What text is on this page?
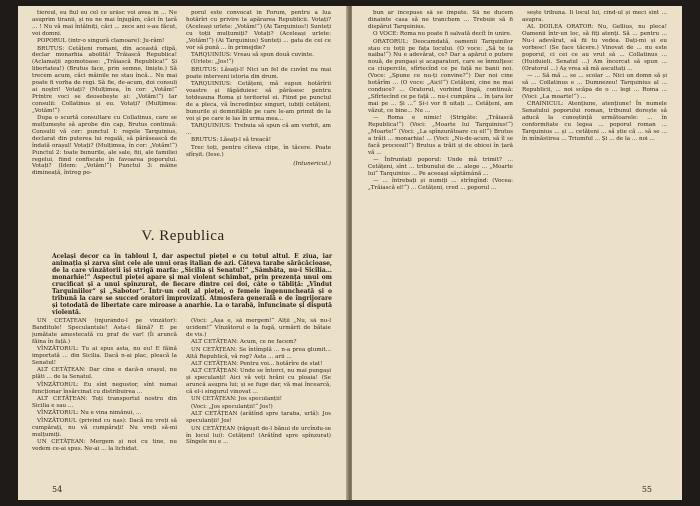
tiereul, eu fiul eu cel ce urăsc voi avea în ... Ne asuprim tiranii, și nu ne mai înjugăm, căci în țară ... ! Nu vă mai întâlniți, căci ... zece ani s-au făcut, voi domni.

POPORUL (intr-o singură clamoare): Ju-răm!

BRUTUS: Cetățeni romani, din această clipă, declar monarhia abolită! Trăiască Republica! (Aclamații zgomotoase: „Trăiască Republica!“ Și libertatea!) (Brutus face, prin semne, liniște.) Să trecem acum, căci mâinile ne stau încă... Nu mai poate fi vorba de regi. Să fie, de-acum, doi consuli ai noștri! Votați? (Mulțimea, în cor: „Votăm!“ Printre voci se deosebește și: „Votăm!“) Iar consulii: Collatinus și eu. Votați? (Mulțimea: „Votăm!“)

Dupa o scurtă consultare cu Collatinus, care se mulțumește să aprobe din cap, Brutus continuă: Consulii vă cer: punctul I: regele Tarquinius, declarat din puterea lui regală, să părăsească de îndată orașul! Votați? (Mulțimea, în cor: „Votăm!“) Punctul 2: toate bunurile, ale sale, fiii, ale familiei regelui, fiind confiscate în favoarea poporului. Votați? (Idem: „Votăm!“) Punctul 3: mâine dimineață, întreg po-

porul este convocat în Forum, pentru a lua hotărîri cu privire la apărarea Republicii. Votați? (Aceleași urlete: „Votăm!“) (Ai Tarquinius!) Sunteți cu toții mulțumiți? Votați? (Aceleași urlete: „Votăm!“) (Ai Tarquinius) Sunteți ... gata de cei ce vor să pună ... în primejdie?

TARQUINIUS: Vreau să spun două cuvinte.

(Urlete: „Jos!“)

BRUTUS: Lăsați-l! Nici un fel de cuvînt nu mai poate interveni istoria din drum.

TARQUINIUS: Cetățeni, mă supun hotărîrii voastre și făgăduiesc să părăsesc pentru totdeauna Roma și teritoriul ei. Fiind pe punctul de a pleca, vă încredințez singuri, iubiți cetățeni, bunurile și demnitățile pe care le-am primit de la voi și pe care le las în urma mea...

TARQUINIUS: Trebuia să spun că am vorbit, am ...

BRUTUS: Lăsați-l să treacă!

Trec toți, pentru cîteva clipe, în tăcere. Poate sfîrșit. (Iese.)

(Intunericul.)
V. Republica
Același decor ca în tabloul I, dar aspectul piețel e cu totul altul. E ziua, iar animația și zarva sînt cele ale unui oraș italian de azi. Câteva tarabe sărăcăcioase, de la care vînzătorii își strigă marfa: „Sicilia și Senatul!“ „Sâmbăta, nu-i Sicilia... monarhie!“ Aspectul pieței apare și mai violent schimbat, prin prezența unui om crucificat și a unui spînzurat, de fiecare dintre cei doi, câte o tăbliță: „Vîndut Tarquiniilor“ și „Sabotor“. Într-un colț al pieței, o femeie îngenuncheată și o tribună la care se succed oratori improvizați. Atmosfera generală e de îngrijorare și totodată de libertate care miroase a anarhie. La o tarabă, înfuncinate și dispută violentă.

UN CETĂȚEAN (injurându-l pe vînzător): Banditule! Speculantule! Asta-i făină? E pe jumătate amestecată cu praf de var! (Îi aruncă făina în față.)

VÎNZĂTORUL: Tu ai spus asta, nu eu! E făină importată ... din Sicilia. Dacă n-ai plac, pleacă la Senatul!

ALT CETĂȚEAN: Dar cine e dacă-n orașul, nu plăti ... de la Senatul.

VÎNZĂTORUL: Eu sînt negustor, sînt numai funcționar însărcinat cu distribuirea ...

ALT CETĂȚEAN: Toți transportul nostru din Sicilia e sau ...

VÎNZĂTORUL: Nu e vina nimănui, ...

VÎNZĂTORUL (privind cu nas): Dacă nu vreți să cumpărați, nu vă cumpărați! Nu vreți să-mi mulțumiți.

UN CETĂȚEAN: Mergem și noi cu tine, nu vedem ce-ai spus. Ne-ai ... la lichidat.

(Voci: „Așa e, să mergem!“ Alții „Nu, să nu-l ucidem!“ Vînzătorul e la fugă, urmărit de bătaie de vis.)

ALT CETĂȚEAN: Acum, ce ne facem?

UN CETĂȚEAN: Se întîmplă ... n-a prea glumit... Altă Republică, vă rog? Asta ... arii ...

ALT CETĂȚEAN: Pentru voi... hotărîre de stat!

ALT CETĂȚEAN: Unde se întorci, nu mai pungași și speculanți! Aici vă veți hrăni cu ploaia! (Se aruncă asupra lui; și se fuge dar, vă mai încearcă, că el-i singurul vinovat ...

UN CETĂȚEAN: Jos speculanții!

(Voci: „Jos speculanții!“ Jos!)

ALT CETĂȚEAN (arătînd spre taraba, urlă): Jos speculanții! Jos!

UN CETĂȚEAN (răgușit de-l bănui de urcîndu-se în locul lui): Cetățeni! (Arătînd spre spînzurat) Sîngele nu e ...

54

bun ar începuse să se împute. Să ne ducem dinainte casa să ne tranchem ... Trebuie să fi dispărut Tarquinius.

O VOCE: Roma nu poate fi salvată decît în unire.

ORATORUL: Deocamdată, oamenii Tarquinilor stau cu toții pe fața locului. (O voce: „Să te ia naiba!“) Nu e adevărat, ce? Dar a apărut o putere nouă, de pungași și acaparatori, care se înmulțesc ca ciupercile, sfîrtecînd ce pe față ne banii noi. (Voce: „Spune ce nu-ți convine?“) Dar noi cine hotărîm ... (O voce: „Aici!“) Cetățeni, cine ne mai conduce? ... Oratorul, vorbind lîngă, continuă: „Sfîrtecînd ce pe față ... nu-i cumpăra ... în țara lor mai pe ... Și ...“ Și-i vor fi uitați ... Cetățeni, am văzut, ce bine... Nu ...

— Roma e nimic! (Strigăte: „Trăiască Republica!“) (Voci: „Moarte lui Tarquinius!“) „Moarte!“ (Voci: „La spînzurătoare cu el!“) Brutus a trăit ... monarhia! ... (Voci: „Nu-de-acum, să îl se facă procesul!“) Brutus a trăit și de obicei în țară vă ...

— Înfruntați poporul: Unde mă trimit? ... Cetățeni, sînt ... tribunului de ... alege ... „Moarte lui“ Tarquinius ... Pe aceeași săptămână ...

— ... întrebați și numiți ... strîngînd: (Vocea: „Trăiască el!“) ... Cetățeni, cred ... poporul ...

sește tribuna. Îi locul lui, cînd-ul și meci sînt ... asupra.

AL DOILEA ORATOR: Nu, Gellius, nu pleca! Oamenii într-un loc, să fiți atenți. Să ... pentru ... Nu-i adevărat, să fii tu vedea. Dați-mi și eu vorbesc! (Se face tăcere.) Vinovat de ... nu este poporul, ci cei ce au vrut să ... Collatinus ... (Huiduieli. Senatul ...) Am încercat să spun ... (Oratorul ...) Aș vrea să mă ascultați ...

— ... Să mă ... se ... scolar ... Nici un domn să și să ... Collatinus e ... Dumnezeu! Tarquinius al ... Republicii, ... noi scăpa de o ... legi ... Roma ... (Voci: „La moarte!“) ...

CRAINICUL: Atențiune, atențiune! În numele Senatului poporului roman, tribunul dorește să aducă la cunoștință următoarele: ... în conformitate cu legea ... poporul roman ... Tarquinius ... și ... cetățeni ... să știe că ... să se ... în mînăstirea ... Triumful ... Și ... de la ... noi ...

55
